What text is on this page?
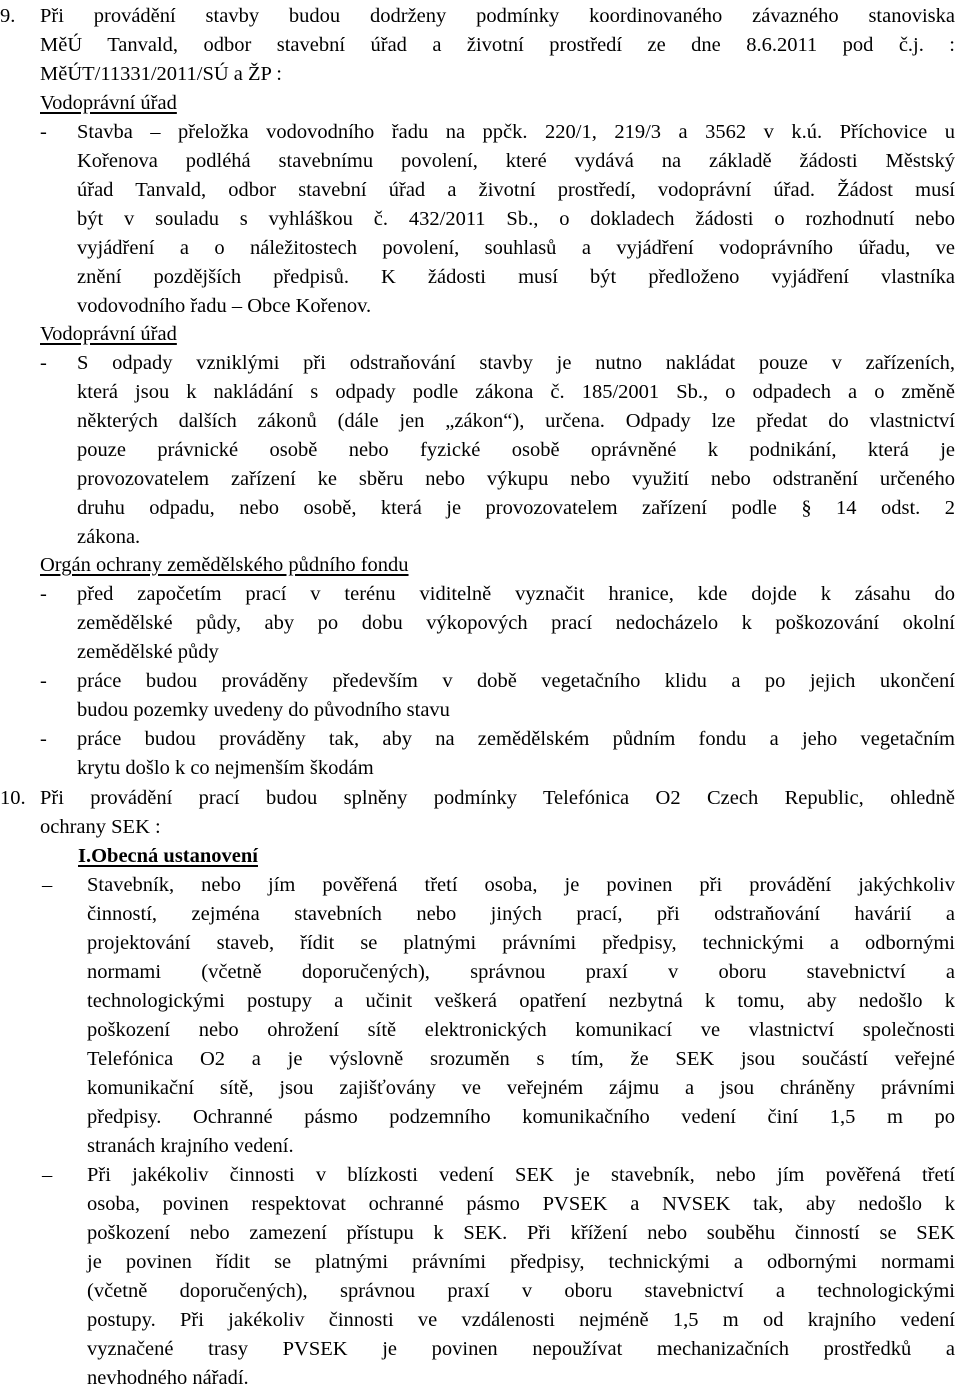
9. Při provádění stavby budou dodrženy podmínky koordinovaného závazného stanoviska
MěÚ Tanvald, odbor stavební úřad a životní prostředí ze dne 8.6.2011 pod č.j. :
MěÚT/11331/2011/SÚ a ŽP :
Vodoprávní úřad
- Stavba – přeložka vodovodního řadu na ppčk. 220/1, 219/3 a 3562 v k.ú. Příchovice u
Kořenova podléhá stavebnímu povolení, které vydává na základě žádosti Městský
úřad Tanvald, odbor stavební úřad a životní prostředí, vodoprávní úřad. Žádost musí
být v souladu s vyhláškou č. 432/2011 Sb., o dokladech žádosti o rozhodnutí nebo
vyjádření a o náležitostech povolení, souhlasů a vyjádření vodoprávního úřadu, ve
znění pozdějších předpisů. K žádosti musí být předloženo vyjádření vlastníka
vodovodního řadu – Obce Kořenov.
Vodoprávní úřad
- S odpady vzniklými při odstraňování stavby je nutno nakládat pouze v zařízeních,
která jsou k nakládání s odpady podle zákona č. 185/2001 Sb., o odpadech a o změně
některých dalších zákonů (dále jen „zákon“), určena. Odpady lze předat do vlastnictví
pouze právnické osobě nebo fyzické osobě oprávněné k podnikání, která je
provozovatelem zařízení ke sběru nebo výkupu nebo využití nebo odstranění určeného
druhu odpadu, nebo osobě, která je provozovatelem zařízení podle § 14 odst. 2
zákona.
Orgán ochrany zemědělského půdního fondu
- před započetím prací v terénu viditelně vyznačit hranice, kde dojde k zásahu do
zemědělské půdy, aby po dobu výkopových prací nedocházelo k poškozování okolní
zemědělské půdy
- práce budou prováděny především v době vegetačního klidu a po jejich ukončení
budou pozemky uvedeny do původního stavu
- práce budou prováděny tak, aby na zemědělském půdním fondu a jeho vegetačním
krytu došlo k co nejmenším škodám
10. Při provádění prací budou splněny podmínky Telefónica O2 Czech Republic, ohledně
ochrany SEK :
I.Obecná ustanovení
– Stavebník, nebo jím pověřená třetí osoba, je povinen při provádění jakýchkoliv
činností, zejména stavebních nebo jiných prací, při odstraňování havárií a
projektování staveb, řídit se platnými právními předpisy, technickými a odbornými
normami (včetně doporučených), správnou praxí v oboru stavebnictví a
technologickými postupy a učinit veškerá opatření nezbytná k tomu, aby nedošlo k
poškození nebo ohrožení sítě elektronických komunikací ve vlastnictví společnosti
Telefónica O2 a je výslovně srozuměn s tím, že SEK jsou součástí veřejné
komunikační sítě, jsou zajišťovány ve veřejném zájmu a jsou chráněny právními
předpisy. Ochranné pásmo podzemního komunikačního vedení činí 1,5 m po
stranách krajního vedení.
– Při jakékoliv činnosti v blízkosti vedení SEK je stavebník, nebo jím pověřená třetí
osoba, povinen respektovat ochranné pásmo PVSEK a NVSEK tak, aby nedošlo k
poškození nebo zamezení přístupu k SEK. Při křížení nebo souběhu činností se SEK
je povinen řídit se platnými právními předpisy, technickými a odbornými normami
(včetně doporučených), správnou praxí v oboru stavebnictví a technologickými
postupy. Při jakékoliv činnosti ve vzdálenosti nejméně 1,5 m od krajního vedení
vyznačené trasy PVSEK je povinen nepoužívat mechanizačních prostředků a
nevhodného nářadí.
